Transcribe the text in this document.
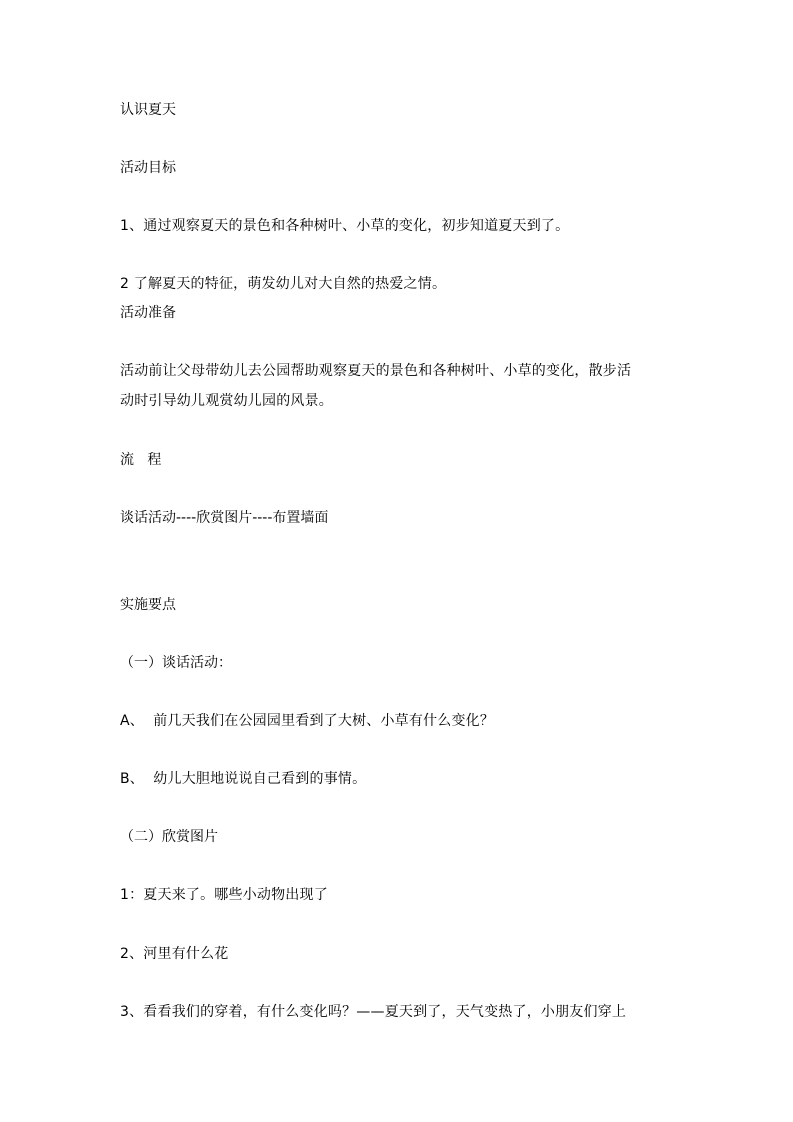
认识夏天
活动目标
1、通过观察夏天的景色和各种树叶、小草的变化，初步知道夏天到了。
2 了解夏天的特征，萌发幼儿对大自然的热爱之情。
活动准备
活动前让父母带幼儿去公园帮助观察夏天的景色和各种树叶、小草的变化，散步活
动时引导幼儿观赏幼儿园的风景。
流   程
谈话活动----欣赏图片----布置墙面
实施要点
（一）谈话活动：
A、  前几天我们在公园园里看到了大树、小草有什么变化？
B、  幼儿大胆地说说自己看到的事情。
（二）欣赏图片
1：夏天来了。哪些小动物出现了
2、河里有什么花
3、看看我们的穿着，有什么变化吗？——夏天到了，天气变热了，小朋友们穿上
